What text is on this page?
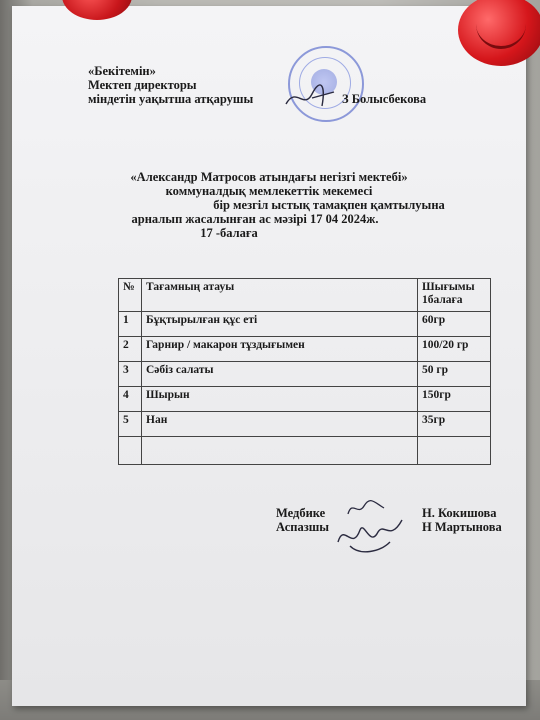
«Бекітемін»
Мектеп директоры
міндетін уақытша атқарушы	З Болысбекова
«Александр Матросов атындағы негізгі мектебі»
коммуналдық мемлекеттік мекемесі
бір мезгіл ыстық тамақпен қамтылуына
арналып жасалынған ас мәзірі 17 04 2024ж.
17 -балаға
№	Тағамның атауы	Шығымы 1балаға
1	Бұқтырылған құс еті	60гр
2	Гарнир / макарон тұздығымен	100/20 гр
3	Сәбіз салаты	50 гр
4	Шырын	150гр
5	Нан	35гр

Медбике
Аспазшы
Н. Кокишова
Н Мартынова
